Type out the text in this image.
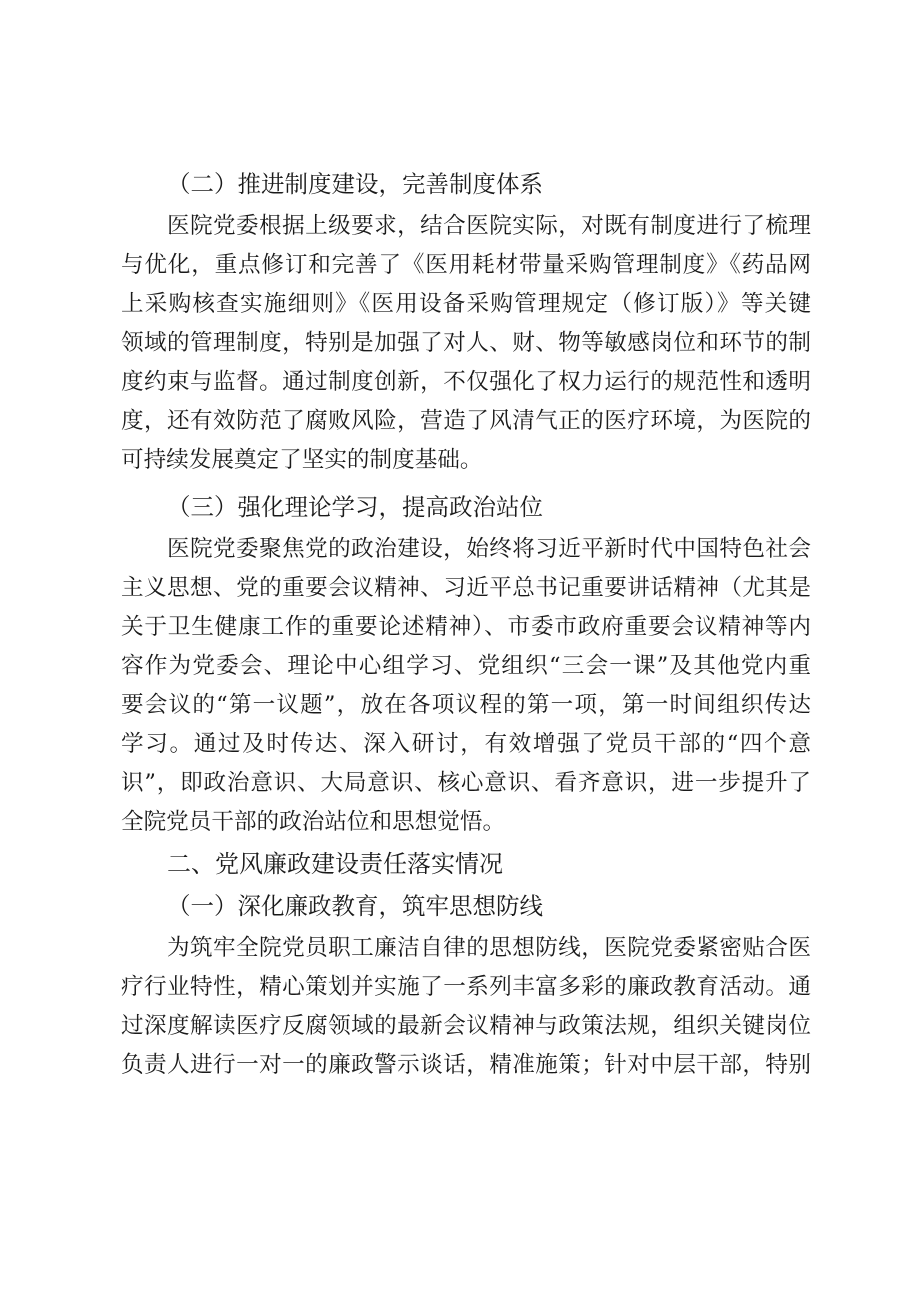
（二）推进制度建设，完善制度体系
医院党委根据上级要求，结合医院实际，对既有制度进行了梳理
与优化，重点修订和完善了《医用耗材带量采购管理制度》《药品网
上采购核查实施细则》《医用设备采购管理规定（修订版）》等关键
领域的管理制度，特别是加强了对人、财、物等敏感岗位和环节的制
度约束与监督。通过制度创新，不仅强化了权力运行的规范性和透明
度，还有效防范了腐败风险，营造了风清气正的医疗环境，为医院的
可持续发展奠定了坚实的制度基础。
（三）强化理论学习，提高政治站位
医院党委聚焦党的政治建设，始终将习近平新时代中国特色社会
主义思想、党的重要会议精神、习近平总书记重要讲话精神（尤其是
关于卫生健康工作的重要论述精神）、市委市政府重要会议精神等内
容作为党委会、理论中心组学习、党组织“三会一课”及其他党内重
要会议的“第一议题”，放在各项议程的第一项，第一时间组织传达
学习。通过及时传达、深入研讨，有效增强了党员干部的“四个意
识”，即政治意识、大局意识、核心意识、看齐意识，进一步提升了
全院党员干部的政治站位和思想觉悟。
二、党风廉政建设责任落实情况
（一）深化廉政教育，筑牢思想防线
为筑牢全院党员职工廉洁自律的思想防线，医院党委紧密贴合医
疗行业特性，精心策划并实施了一系列丰富多彩的廉政教育活动。通
过深度解读医疗反腐领域的最新会议精神与政策法规，组织关键岗位
负责人进行一对一的廉政警示谈话，精准施策；针对中层干部，特别
